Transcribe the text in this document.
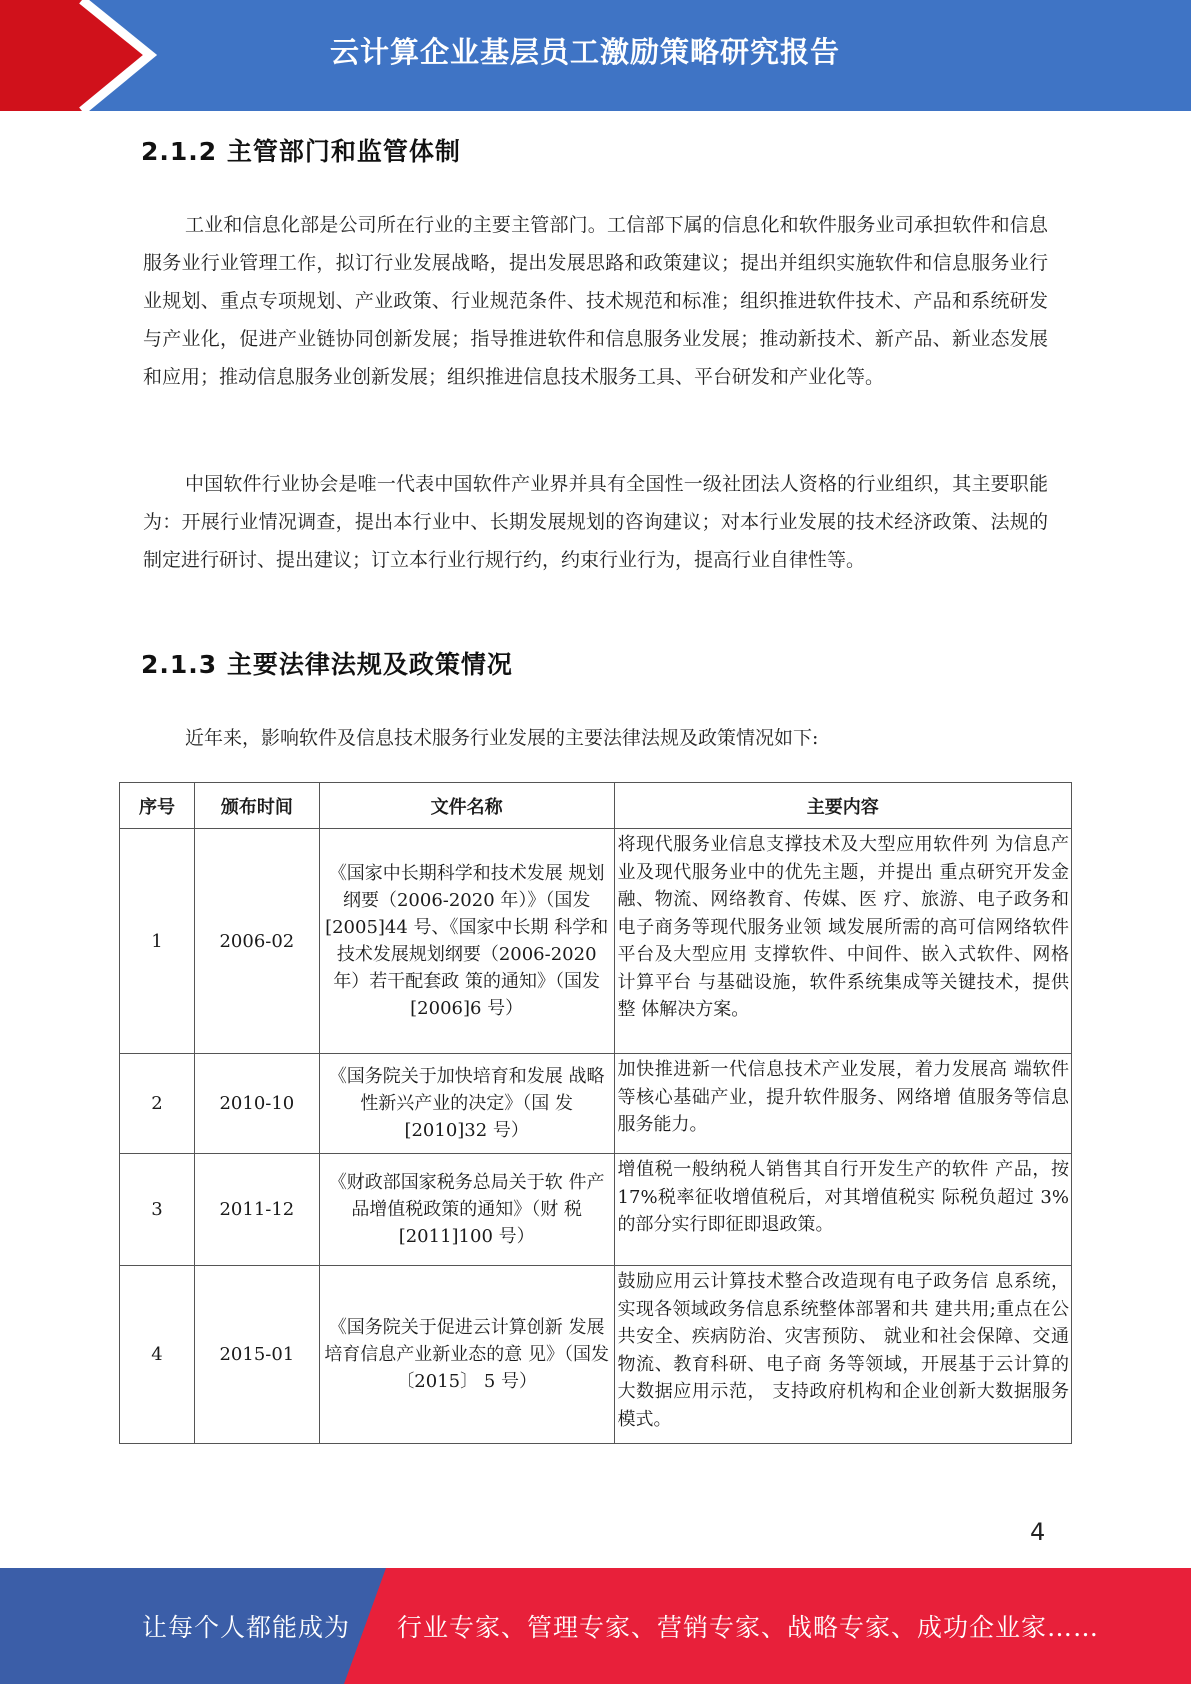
云计算企业基层员工激励策略研究报告
2.1.2 主管部门和监管体制
工业和信息化部是公司所在行业的主要主管部门。工信部下属的信息化和软件服务业司承担软件和信息服务业行业管理工作，拟订行业发展战略，提出发展思路和政策建议；提出并组织实施软件和信息服务业行业规划、重点专项规划、产业政策、行业规范条件、技术规范和标准；组织推进软件技术、产品和系统研发与产业化，促进产业链协同创新发展；指导推进软件和信息服务业发展；推动新技术、新产品、新业态发展和应用；推动信息服务业创新发展；组织推进信息技术服务工具、平台研发和产业化等。
中国软件行业协会是唯一代表中国软件产业界并具有全国性一级社团法人资格的行业组织，其主要职能为：开展行业情况调查，提出本行业中、长期发展规划的咨询建议；对本行业发展的技术经济政策、法规的制定进行研讨、提出建议；订立本行业行规行约，约束行业行为，提高行业自律性等。
2.1.3 主要法律法规及政策情况
近年来，影响软件及信息技术服务行业发展的主要法律法规及政策情况如下:
序号	颁布时间	文件名称	主要内容
1	2006-02	《国家中长期科学和技术发展 规划纲要（2006-2020 年）》（国发[2005]44 号、《国家中长期 科学和技术发展规划纲要（2006-2020 年）若干配套政 策的通知》（国发[2006]6 号）	将现代服务业信息支撑技术及大型应用软件列 为信息产业及现代服务业中的优先主题，并提出 重点研究开发金融、物流、网络教育、传媒、医 疗、旅游、电子政务和电子商务等现代服务业领 域发展所需的高可信网络软件平台及大型应用 支撑软件、中间件、嵌入式软件、网格计算平台 与基础设施，软件系统集成等关键技术，提供整 体解决方案。
2	2010-10	《国务院关于加快培育和发展 战略性新兴产业的决定》（国 发[2010]32 号）	加快推进新一代信息技术产业发展，着力发展高 端软件等核心基础产业，提升软件服务、网络增 值服务等信息服务能力。
3	2011-12	《财政部国家税务总局关于软 件产品增值税政策的通知》（财 税[2011]100 号）	增值税一般纳税人销售其自行开发生产的软件 产品，按 17%税率征收增值税后，对其增值税实 际税负超过 3%的部分实行即征即退政策。
4	2015-01	《国务院关于促进云计算创新 发展培育信息产业新业态的意 见》（国发〔2015〕 5 号）	鼓励应用云计算技术整合改造现有电子政务信 息系统，实现各领域政务信息系统整体部署和共 建共用;重点在公共安全、疾病防治、灾害预防、 就业和社会保障、交通物流、教育科研、电子商 务等领域，开展基于云计算的大数据应用示范， 支持政府机构和企业创新大数据服务模式。
4
让每个人都能成为 行业专家、管理专家、营销专家、战略专家、成功企业家……
